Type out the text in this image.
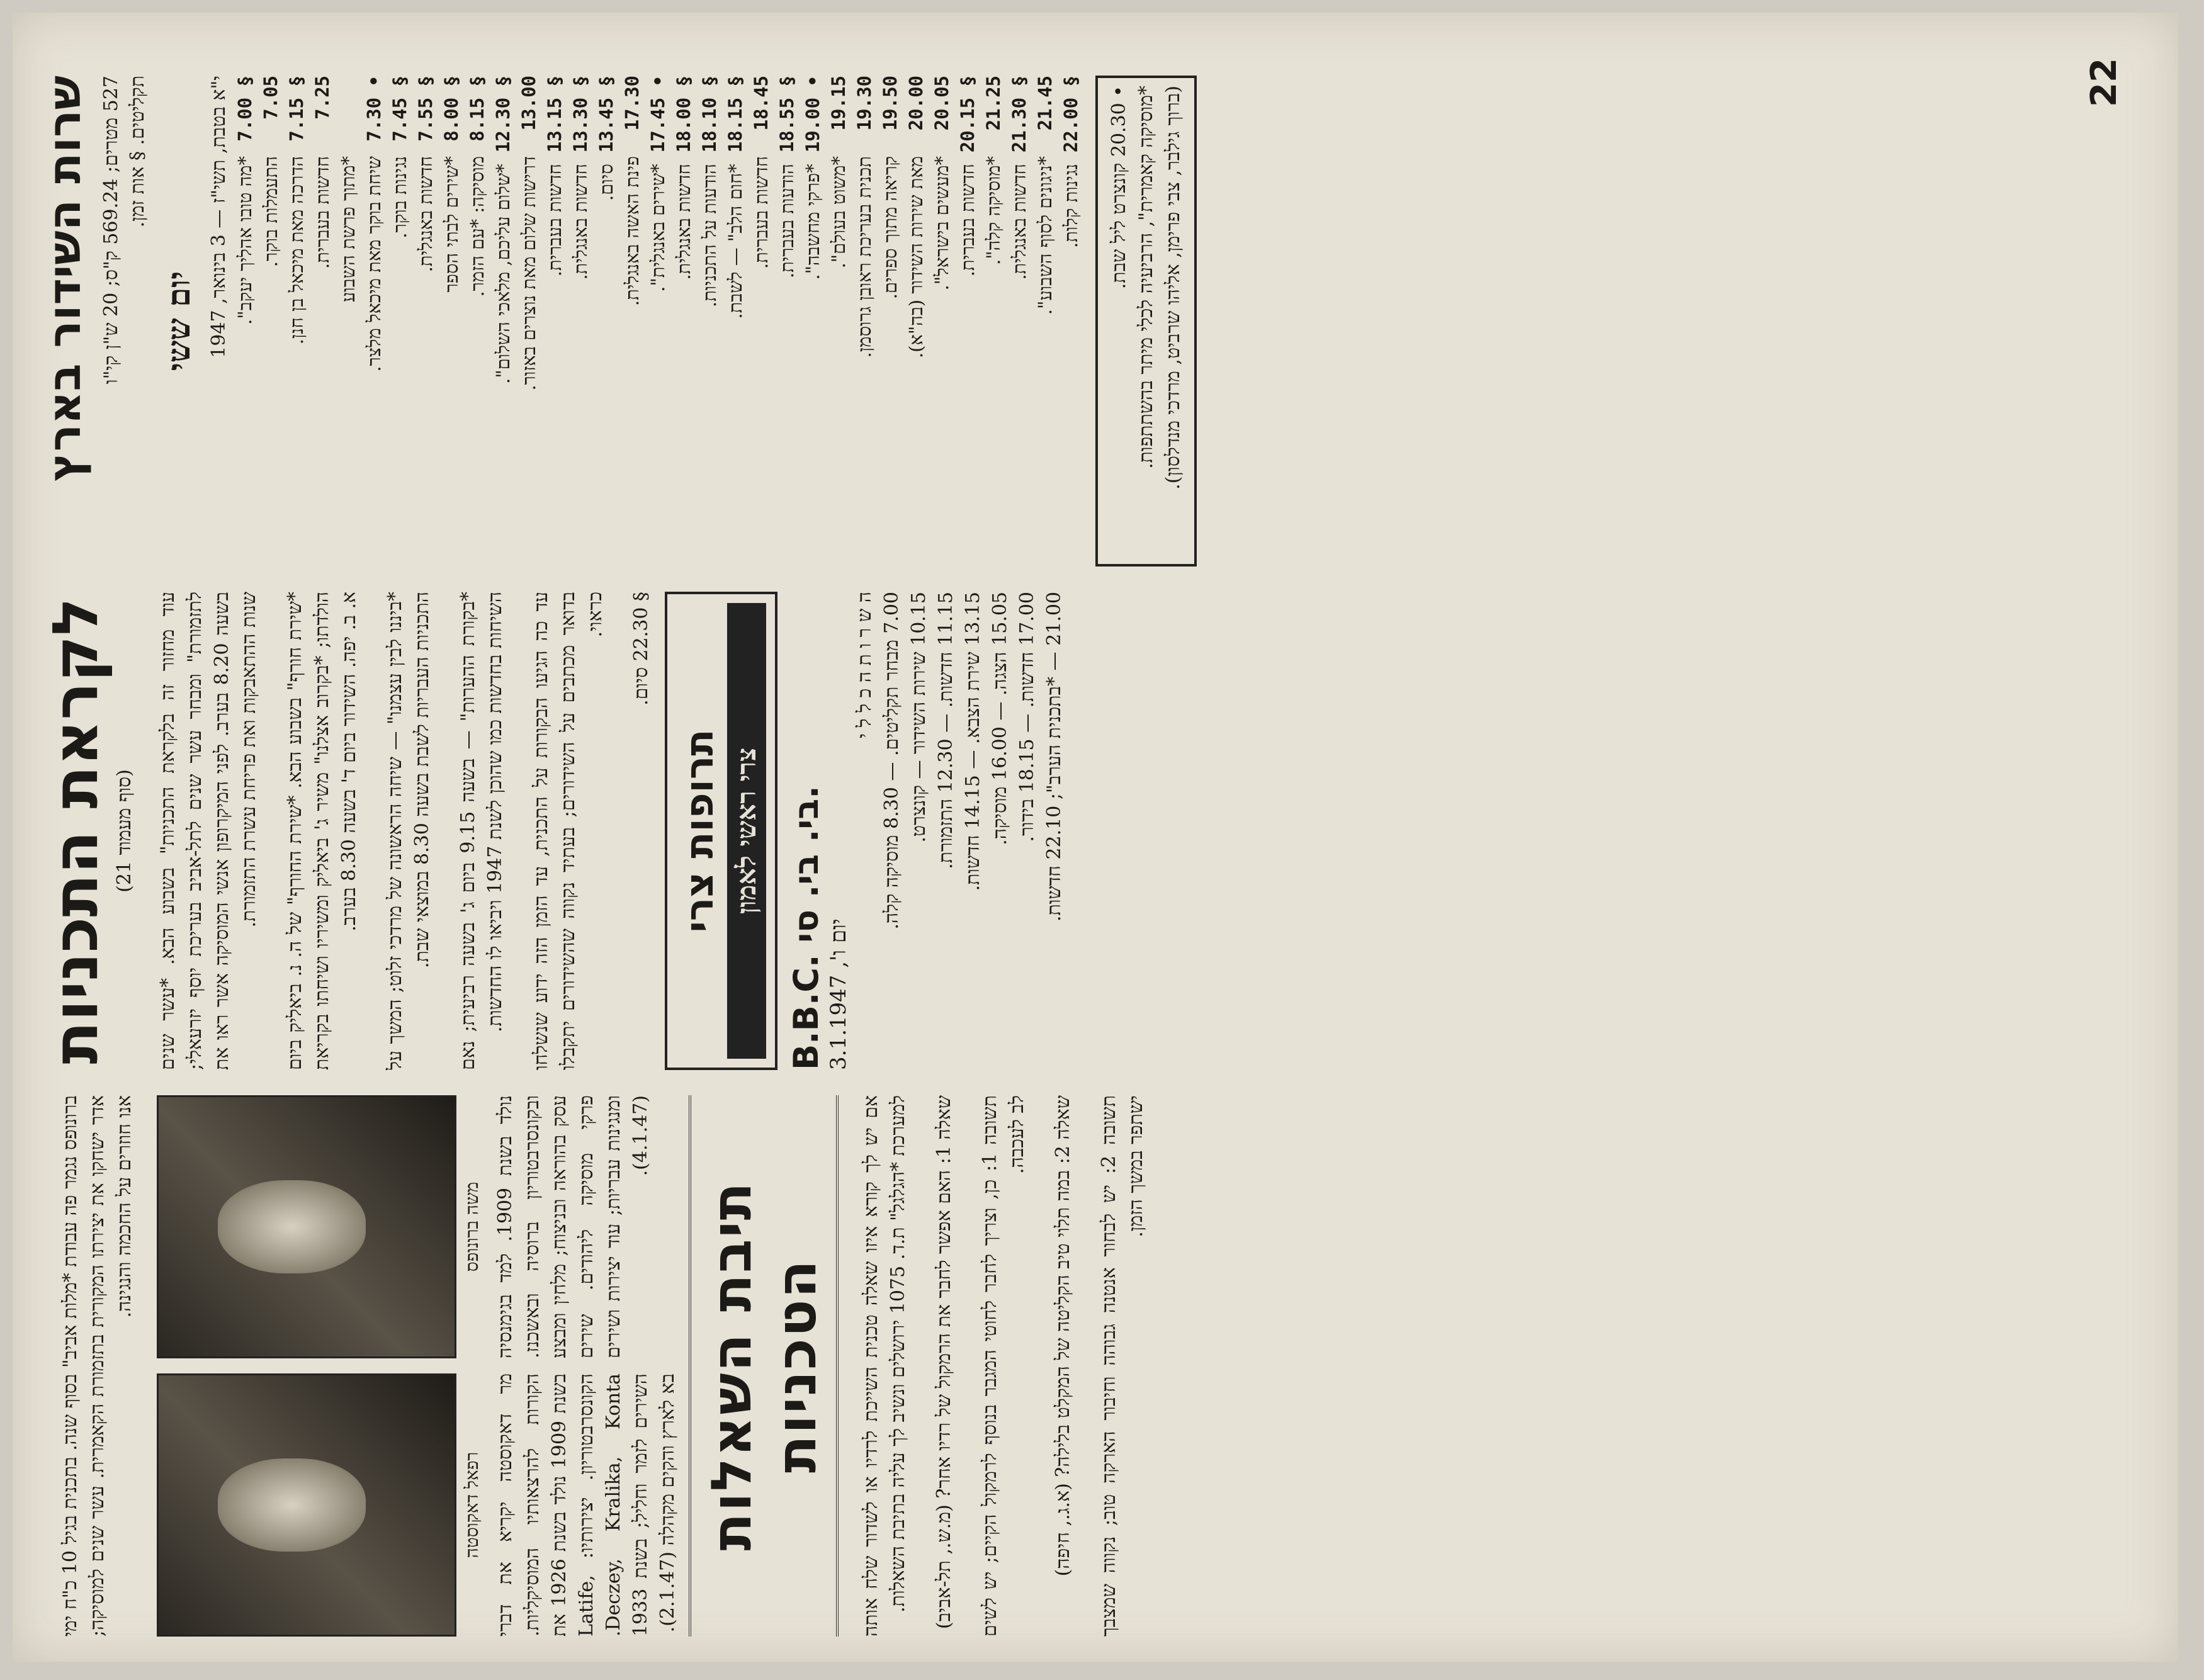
22
שרות השידור בארץ 527 מטרים; 569.24 ק"ס; 20 ש"ן קי"ו תקליטים. § אות זמן.
יום ששי י"א בטבת, תשי"ז — 3 בינואר, 1947 § 7.00
*מה טובו אהליך יעקב".
7.05
התעמלות בוקר.
§ 7.15
הדרכה מאת מיכאל בן חנן.
7.25
חדשות בעברית. *מתוך פרשת השבוע
• 7.30
שיחת בוקר מאת מיכאל מלצר.
§ 7.45
נגינות בוקר.
§ 7.55
חדשות באנגלית.
§ 8.00
*שירים לבתי הספר
§ 8.15
מוסיקה: *עם הזמר.
§ 12.30
*שלום עליכם, מלאכי השלום".
13.00
דרישות שלום מאת נוצרים באזור.
§ 13.15
חדשות בעברית.
§ 13.30
חדשות באנגלית.
§ 13.45
סיום.
17.30
פינת האשה באנגלית.
• 17.45
*שירים באנגלית".
§ 18.00
חדשות באנגלית.
§ 18.10
הודעות על התכניות.
§ 18.15
*חום הלב" — לשבת.
18.45
חדשות בעברית.
§ 18.55
הודעות בעברית.
• 19.00
*פרקי מחשבה".
19.15
*משוט בעולם".
19.30
תכנית בעריכת ראובן גרוסמן.
19.50
קריאה מתוך ספרים.
20.00
מאת שירות השידור (בה"א).
20.05
*מעשים בישראל".
§ 20.15
חדשות בעברית.
21.25
*מוסיקה קלה".
§ 21.30
חדשות באנגלית.
21.45
*ניגונים לסוף השבוע".
§ 22.00
נגינות קלות. • 20.30 קונצרט ליל שבת. *מוסיקה קאמרית", הרביעיה לכלי מיתר בהשתתפות. (ברוך גילבר, צבי פרימן, אליהו שרביט, מרדכי מנדלסון).
לקראת התכניות (סוף מעמוד 21) עוד מחזור זה בלקראת התכניות" בשבוע הבא. *עשר שנים לתזמורת" ומבחר עשר שנים לתל-אביב בעריכת יוסף יזרעאלי; בשעה 8.20 בערב. לפני המיקרופון אנשי המוסיקה אשר ראו את שנות ההתאבקות ואת פריחת עשרת התזמורת. *שירת חורף" בשבוע הבא. *שירת החורף" של ה. נ. ביאליק ביום הולדתו; *בקרוב אצלנו" משיר ג' ביאליק ומשיריו ושיחתו בקריאת א. ב. יפה. השידור ביום ד' בשעה 8.30 בערב. *ביננו לבין עצמנו" — שיחה הראשונה של מרדכי זלוט; המשך על התכניות העבריות לשבת בשעה 8.30 במוצאי שבת.

*בקורת ההערות" — בשעה 9.15 ביום ג' בשעה רביעית; נאם השיחות בחדשות כמו שהוכן לשנת 1947 ויביאו לו החדשות. עד כה הגיעו הבקורות על התכנית, עד הזמן הזה ידוע שנשלחו בדואר מכתבים על השידורים; בעתיד נקווה שהשידורים יתקבלו כראוי.

§ 22.30 סיום.
תרופות צרי צרי ראשי לאמון
B.B.C. בי. בי. סי.
יום ו', 3.1.1947
ה ש ר ו ת ה כ ל ל י
7.00 מבחר תקליטים. — 8.30 מוסיקה קלה.
10.15 שירות השידור — קונצרט.
11.15 חדשות. — 12.30 התזמורת.
13.15 שירת הצבא. — 14.15 חדשות.
15.05 הצגה. — 16.00 מוסיקה.
17.00 חדשות. — 18.15 בידור.
21.00 — *בתכנית הערב"; 22.10 חדשות.

ברונופס נגמר פה עבודת *מלות אביב" בסוף שנה. בתכנית בגיל 10 כ"ח ימי אדר ישחקו את יצירתו המקורית בתזמורת הקאמרית. עשר שנים למוסיקה; אנו חוזרים על החכמה והנגינה.	משה ברונופס
רפאל דאקוסטה

נולד בשנת 1909. למד בגימנסיה ובקונסרבטוריון ברוסיה ובאשכנז. עסק בהוראה ובניצוח; מלחין ומבצע פרקי מוסיקה ליהודים. שירים ומנגינות עבריות; עוד יצירות ושירים (4.1.47).

מר דאקוסטה יקריא את דברי הקורות להרצאותיו המוסיקליות. בשנת 1909 נולד בשנת 1926 את הקונסרבטוריון. יצירותיו: Latife, Deczey, Kralika, Konta. השירים לזמר וחליל; בשנת 1933 בא לארץ והקים מקהלה (2.1.47). תיבת השאלות הטכניות אם יש לך קורא איזו שאלה טכנית השייכת לרדיו או לשדור שלח אותה למערכת *הגלגל" ת.ד. 1075 ירושלים ונשיב לך עליה בתיבת השאלות. שאלה 1: האם אפשר לחבר את הרמקול של רדיו אחר? (מ.ש., תל-אביב)

תשובה 1: כן, וצריך לחבר לחוטי המגבר בנוסף לרמקול הקיים; יש לשים לב לעכבה.

שאלה 2: במה תלוי טיב הקליטה של המקלט בלילה? (א.ג., חיפה)

תשובה 2: יש לבחור אנטנה גבוהה וחיבור הארקה טוב; נקווה שמצבך ישתפר במשך הזמן.
